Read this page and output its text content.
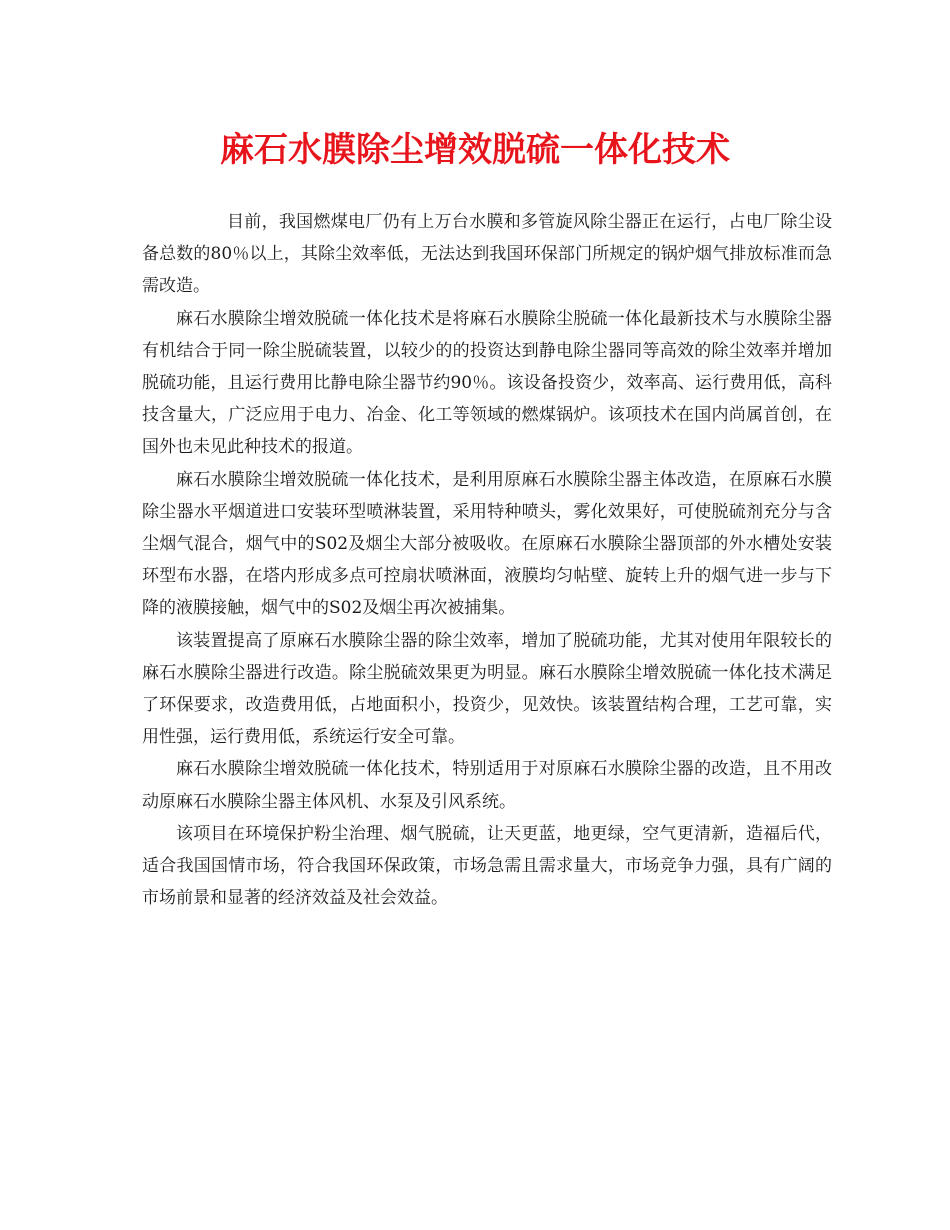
麻石水膜除尘增效脱硫一体化技术

目前，我国燃煤电厂仍有上万台水膜和多管旋风除尘器正在运行，占电厂除尘设备总数的80％以上，其除尘效率低，无法达到我国环保部门所规定的锅炉烟气排放标准而急需改造。

麻石水膜除尘增效脱硫一体化技术是将麻石水膜除尘脱硫一体化最新技术与水膜除尘器有机结合于同一除尘脱硫装置，以较少的的投资达到静电除尘器同等高效的除尘效率并增加脱硫功能，且运行费用比静电除尘器节约90％。该设备投资少，效率高、运行费用低，高科技含量大，广泛应用于电力、冶金、化工等领域的燃煤锅炉。该项技术在国内尚属首创，在国外也未见此种技术的报道。

麻石水膜除尘增效脱硫一体化技术，是利用原麻石水膜除尘器主体改造，在原麻石水膜除尘器水平烟道进口安装环型喷淋装置，采用特种喷头，雾化效果好，可使脱硫剂充分与含尘烟气混合，烟气中的S02及烟尘大部分被吸收。在原麻石水膜除尘器顶部的外水槽处安装环型布水器，在塔内形成多点可控扇状喷淋面，液膜均匀帖壁、旋转上升的烟气进一步与下降的液膜接触，烟气中的S02及烟尘再次被捕集。

该装置提高了原麻石水膜除尘器的除尘效率，增加了脱硫功能，尤其对使用年限较长的麻石水膜除尘器进行改造。除尘脱硫效果更为明显。麻石水膜除尘增效脱硫一体化技术满足了环保要求，改造费用低，占地面积小，投资少，见效快。该装置结构合理，工艺可靠，实用性强，运行费用低，系统运行安全可靠。

麻石水膜除尘增效脱硫一体化技术，特别适用于对原麻石水膜除尘器的改造，且不用改动原麻石水膜除尘器主体风机、水泵及引风系统。

该项目在环境保护粉尘治理、烟气脱硫，让天更蓝，地更绿，空气更清新，造福后代，适合我国国情市场，符合我国环保政策，市场急需且需求量大，市场竞争力强，具有广阔的市场前景和显著的经济效益及社会效益。
